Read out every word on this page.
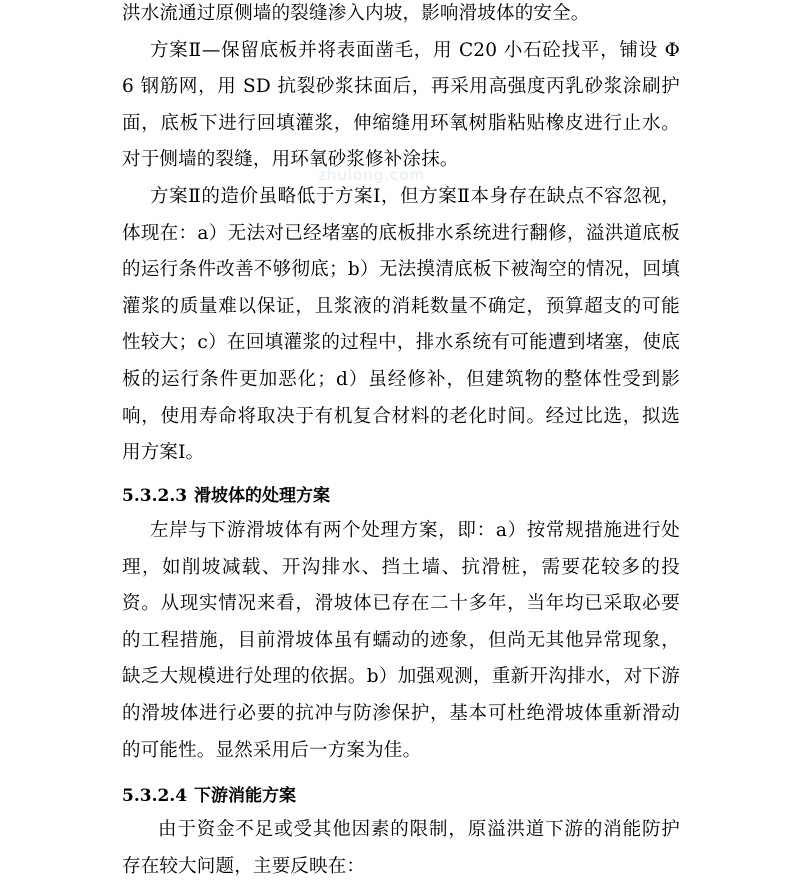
zhulong.com

洪水流通过原侧墙的裂缝渗入内坡，影响滑坡体的安全。

方案Ⅱ—保留底板并将表面凿毛，用 C20 小石砼找平，铺设 Φ 6 钢筋网，用 SD 抗裂砂浆抹面后，再采用高强度丙乳砂浆涂刷护面，底板下进行回填灌浆，伸缩缝用环氧树脂粘贴橡皮进行止水。对于侧墙的裂缝，用环氧砂浆修补涂抹。

方案Ⅱ的造价虽略低于方案Ⅰ，但方案Ⅱ本身存在缺点不容忽视，体现在：a）无法对已经堵塞的底板排水系统进行翻修，溢洪道底板的运行条件改善不够彻底；b）无法摸清底板下被淘空的情况，回填灌浆的质量难以保证，且浆液的消耗数量不确定，预算超支的可能性较大；c）在回填灌浆的过程中，排水系统有可能遭到堵塞，使底板的运行条件更加恶化；d）虽经修补，但建筑物的整体性受到影响，使用寿命将取决于有机复合材料的老化时间。经过比选，拟选用方案Ⅰ。

5.3.2.3 滑坡体的处理方案

左岸与下游滑坡体有两个处理方案，即：a）按常规措施进行处理，如削坡减载、开沟排水、挡土墙、抗滑桩，需要花较多的投资。从现实情况来看，滑坡体已存在二十多年，当年均已采取必要的工程措施，目前滑坡体虽有蠕动的迹象，但尚无其他异常现象，缺乏大规模进行处理的依据。b）加强观测，重新开沟排水，对下游的滑坡体进行必要的抗冲与防渗保护，基本可杜绝滑坡体重新滑动的可能性。显然采用后一方案为佳。

5.3.2.4 下游消能方案

由于资金不足或受其他因素的限制，原溢洪道下游的消能防护存在较大问题，主要反映在：
